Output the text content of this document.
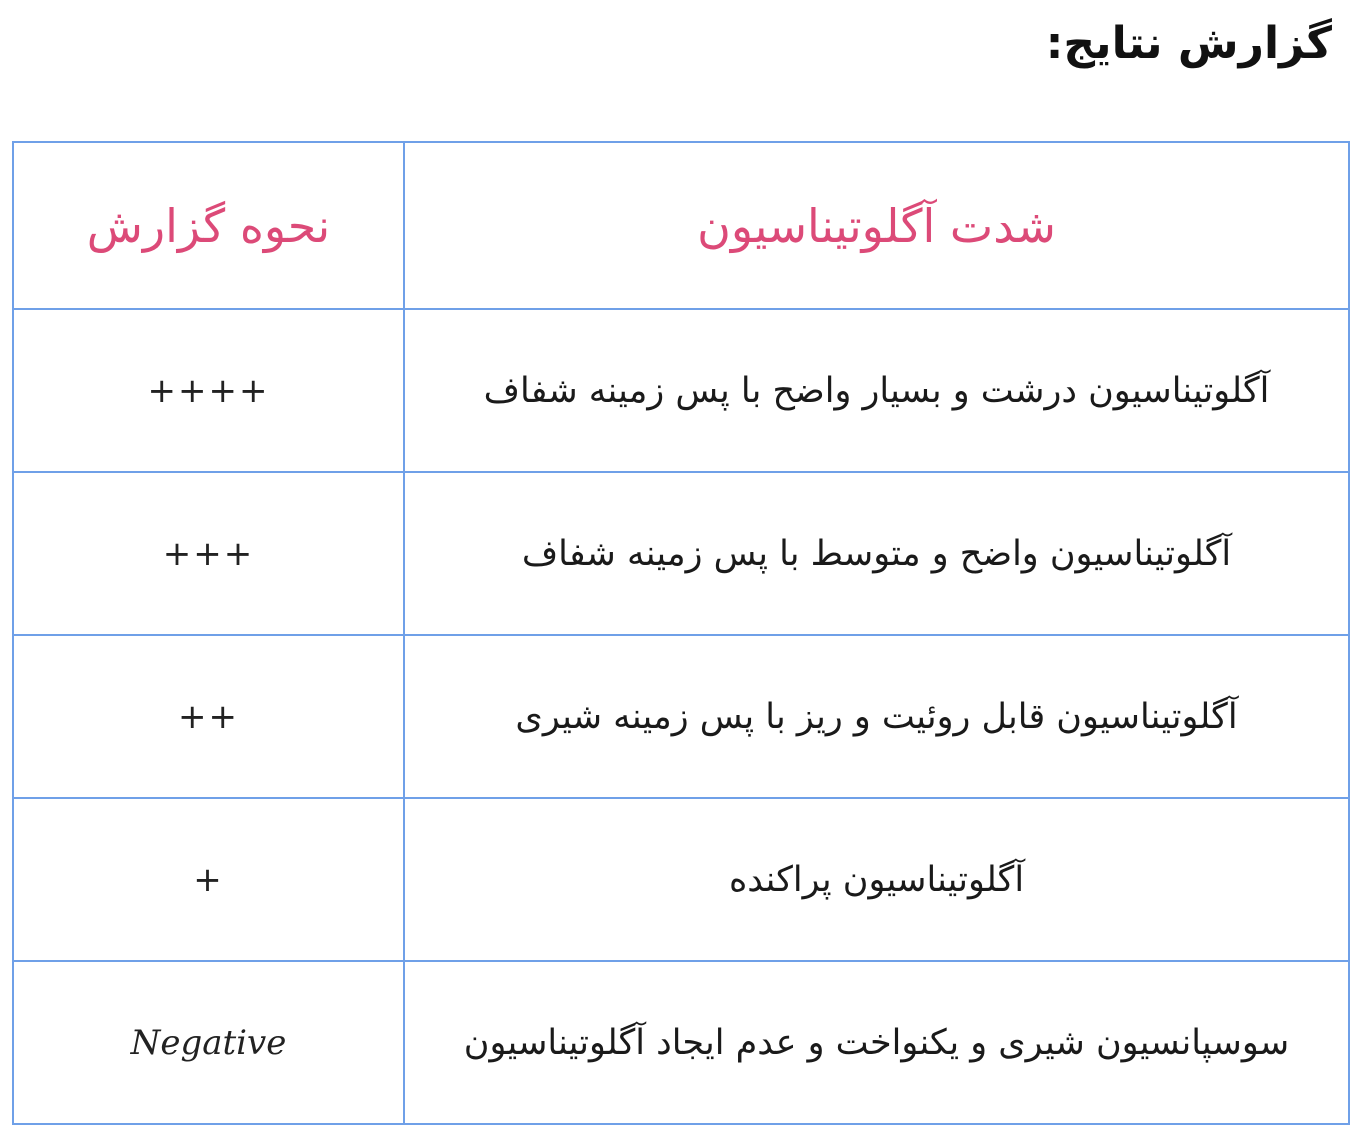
گزارش نتایج:
نحوه گزارش	شدت آگلوتیناسیون
++++	آگلوتیناسیون درشت و بسیار واضح با پس زمینه شفاف
+++	آگلوتیناسیون واضح و متوسط با پس زمینه شفاف
++	آگلوتیناسیون قابل روئیت و ریز با پس زمینه شیری
+	آگلوتیناسیون پراکنده
Negative	سوسپانسیون شیری و یکنواخت و عدم ایجاد آگلوتیناسیون
